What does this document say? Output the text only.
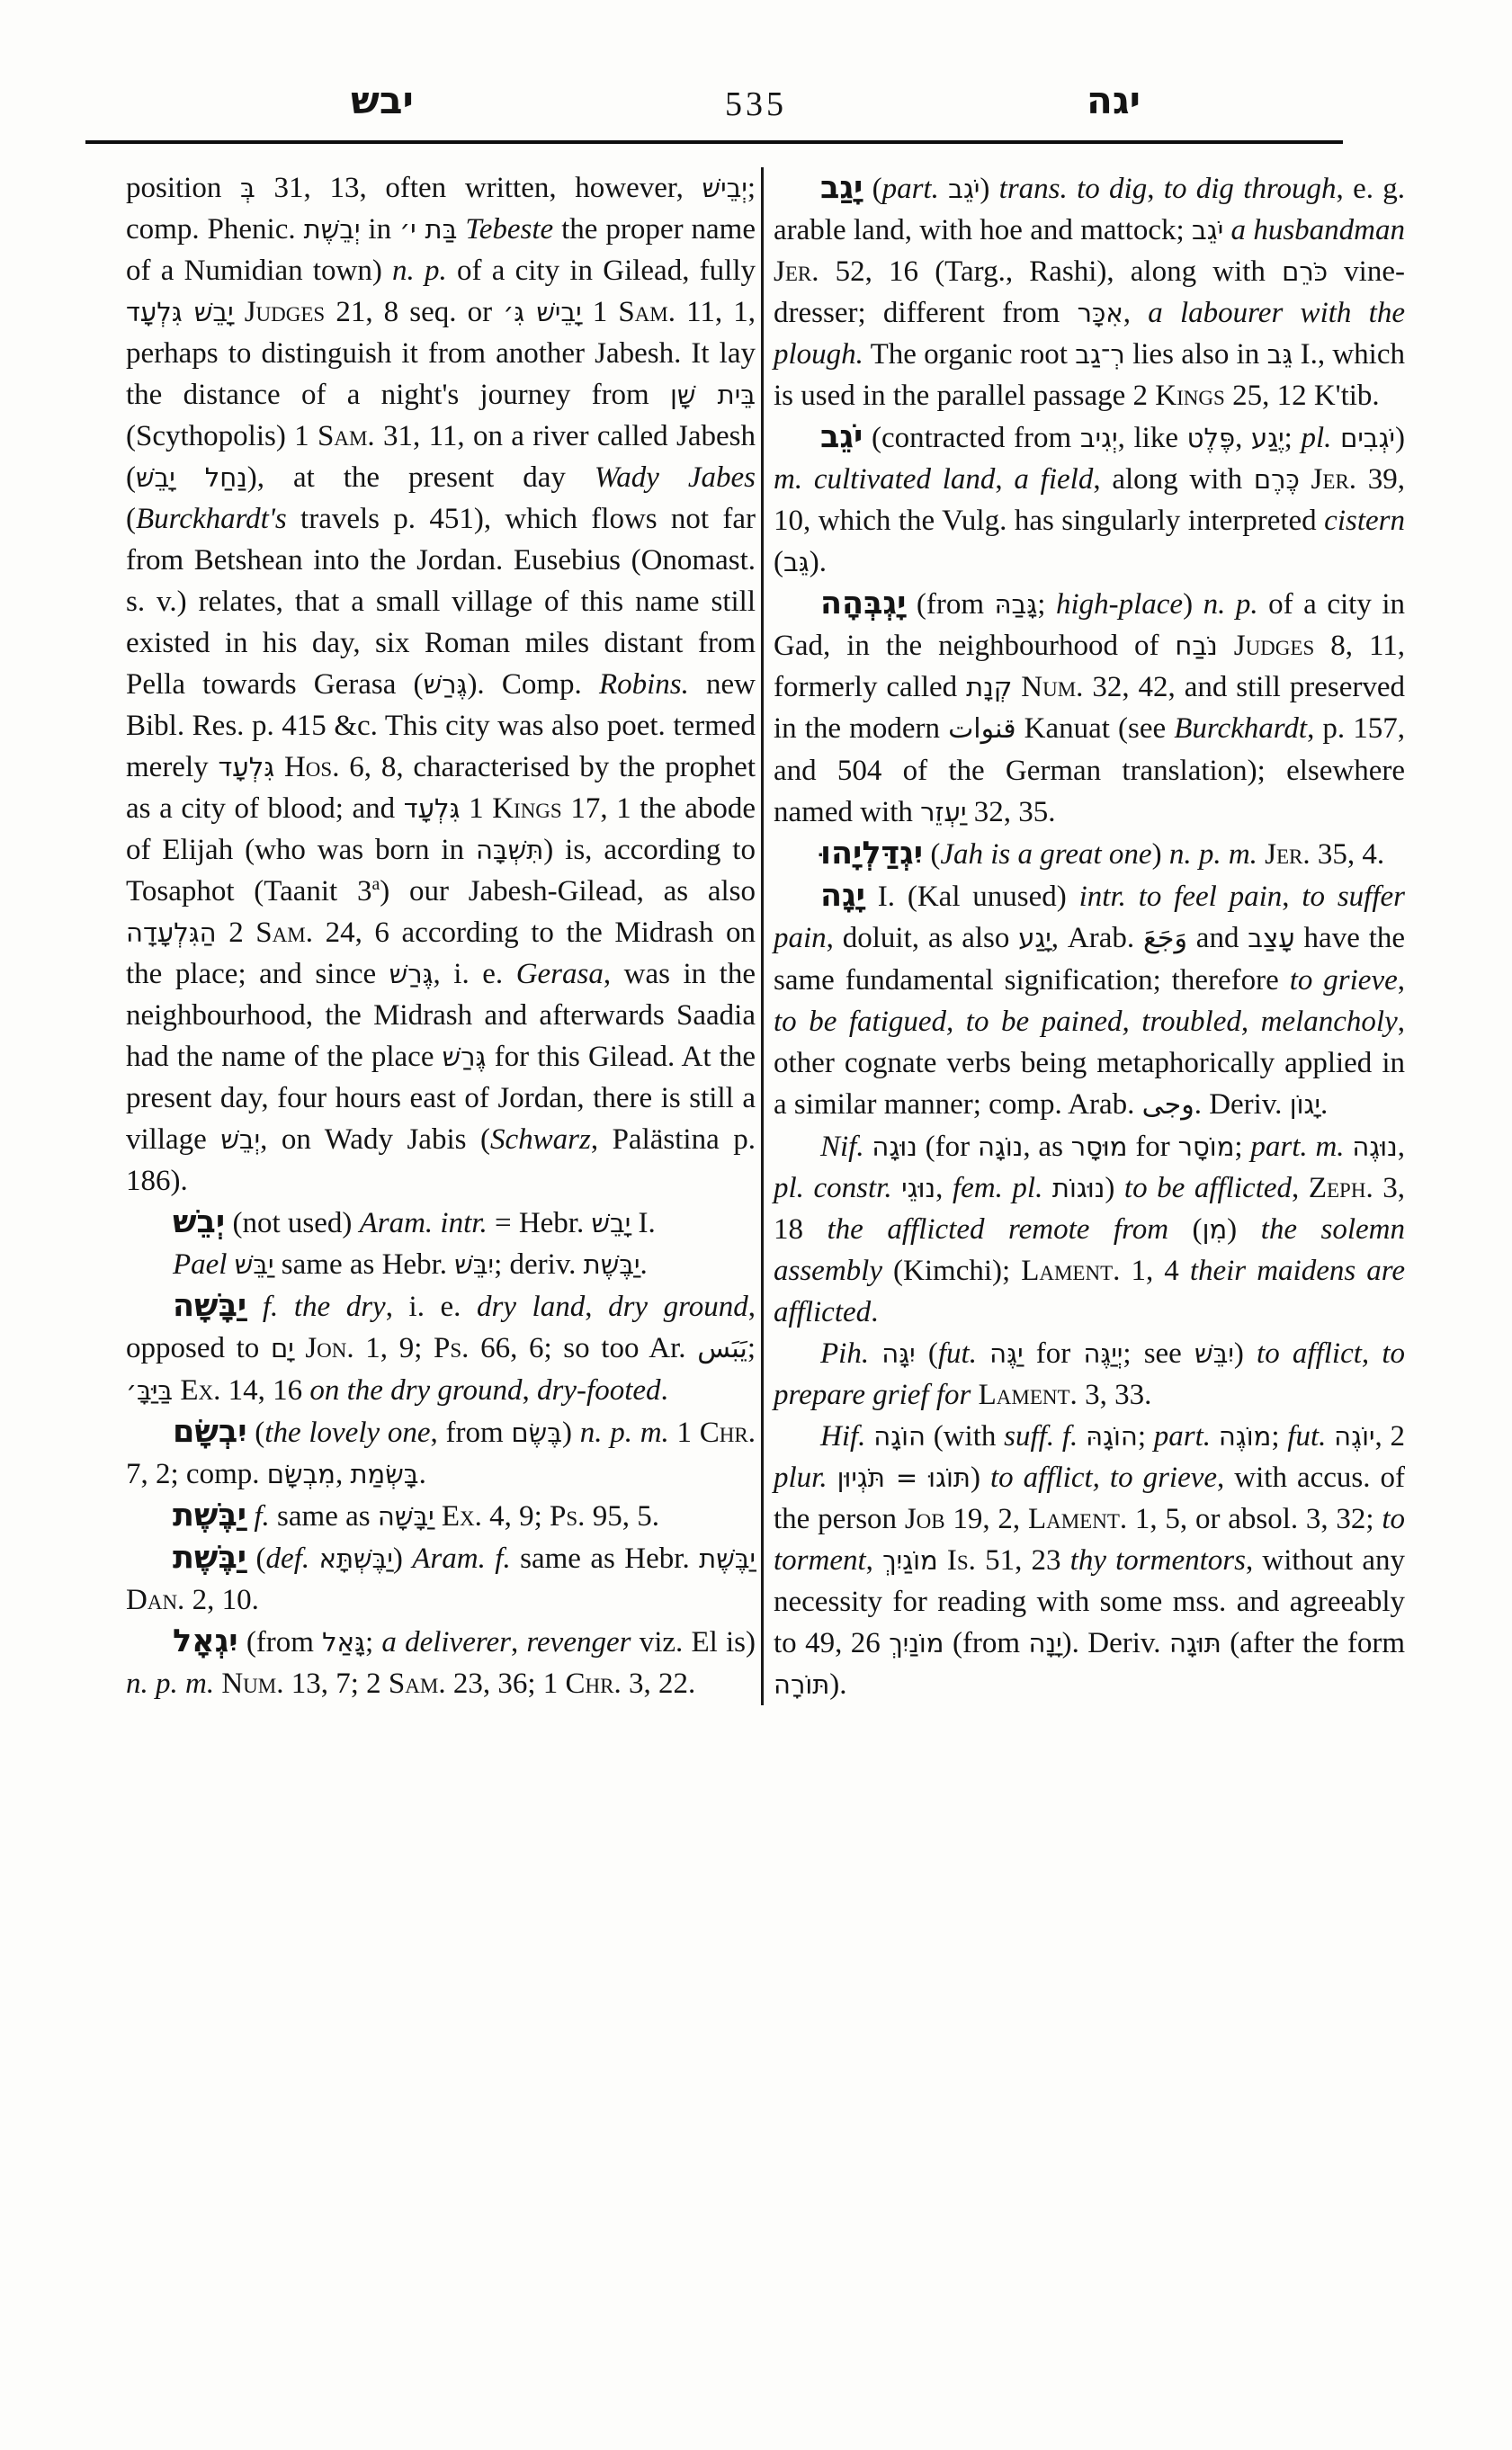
יבש	535	יגה

position בְּ 31, 13, often written, however, יְבֵישׁ; comp. Phenic. יְבֵשֶׁת in בַּת י׳ Tebeste the proper name of a Numidian town) n. p. of a city in Gilead, fully יָבֵשׁ גִּלְעָד Judges 21, 8 seq. or יָבֵישׁ גִּ׳ 1 Sam. 11, 1, perhaps to distinguish it from another Jabesh. It lay the distance of a night's journey from בֵּית שָׁן (Scythopolis) 1 Sam. 31, 11, on a river called Jabesh (נַחַל יָבֵשׁ), at the present day Wady Jabes (Burckhardt's travels p. 451), which flows not far from Betshean into the Jordan. Eusebius (Onomast. s. v.) relates, that a small village of this name still existed in his day, six Roman miles distant from Pella towards Gerasa (גֶּרַשׁ). Comp. Robins. new Bibl. Res. p. 415 &c. This city was also poet. termed merely גִּלְעָד Hos. 6, 8, characterised by the prophet as a city of blood; and גִּלְעָד 1 Kings 17, 1 the abode of Elijah (who was born in תִּשְׁבָּה) is, according to Tosaphot (Taanit 3$^a$) our Jabesh-Gilead, as also הַגִּלְעָדָה 2 Sam. 24, 6 according to the Midrash on the place; and since גֶּרַשׁ, i. e. Gerasa, was in the neighbourhood, the Midrash and afterwards Saadia had the name of the place גֶּרַשׁ for this Gilead. At the present day, four hours east of Jordan, there is still a village יְבֵשׁ, on Wady Jabis (Schwarz, Palästina p. 186).

יְבֵשׁ (not used) Aram. intr. = Hebr. יָבֵשׁ I.

Pael יַבֵּשׁ same as Hebr. יִבֵּשׁ; deriv. יַבֶּשֶׁת.

יַבָּשָׁה f. the dry, i. e. dry land, dry ground, opposed to יָם Jon. 1, 9; Ps. 66, 6; so too Ar. يَبَس; בַּיַּבָּ׳ Ex. 14, 16 on the dry ground, dry-footed.

יִבְשָׂם (the lovely one, from בֶּשֶׂם) n. p. m. 1 Chr. 7, 2; comp. מִבְשָׂם, בָּשְׂמַת.

יַבֶּשֶׁת f. same as יַבָּשָׁה Ex. 4, 9; Ps. 95, 5.

יַבֶּשֶׁת (def. יַבֶּשְׁתָּא) Aram. f. same as Hebr. יַבֶּשֶׁת Dan. 2, 10.

יִגְאָל (from גָּאַל; a deliverer, revenger viz. El is) n. p. m. Num. 13, 7; 2 Sam. 23, 36; 1 Chr. 3, 22.

יָגַב (part. יֹגֵב) trans. to dig, to dig through, e. g. arable land, with hoe and mattock; יֹגֵב a husbandman Jer. 52, 16 (Targ., Rashi), along with כֹּרֵם vine-dresser; different from אִכָּר, a labourer with the plough. The organic root רְ־גַב lies also in גֵּב I., which is used in the parallel passage 2 Kings 25, 12 K'tib.

יֹגֵב (contracted from יְגִיב, like פֶּלֶט, יֶגַע; pl. יֹגְבִים) m. cultivated land, a field, along with כֶּרֶם Jer. 39, 10, which the Vulg. has singularly interpreted cistern (גֵּב).

יָגְבְּהָה (from גָּבַהּ; high-place) n. p. of a city in Gad, in the neighbourhood of נֹבַח Judges 8, 11, formerly called קְנָת Num. 32, 42, and still preserved in the modern قنوات Kanuat (see Burckhardt, p. 157, and 504 of the German translation); elsewhere named with יַעְזֵר 32, 35.

יִגְדַּלְיָהוּ (Jah is a great one) n. p. m. Jer. 35, 4.

יָגָה I. (Kal unused) intr. to feel pain, to suffer pain, doluit, as also יָגַע, Arab. وَجَعَ and עָצַב have the same fundamental signification; therefore to grieve, to be fatigued, to be pained, troubled, melancholy, other cognate verbs being metaphorically applied in a similar manner; comp. Arab. وجى. Deriv. יָגוֹן.

Nif. נוּגָה (for נוֹגָה, as מוּסָר for מוֹסָר; part. m. נוּגֶה, pl. constr. נוּגֵי, fem. pl. נוּגוֹת) to be afflicted, Zeph. 3, 18 the afflicted remote from (מִן) the solemn assembly (Kimchi); Lament. 1, 4 their maidens are afflicted.

Pih. יִגָּה (fut. יַגֶּה for יְיַגֶּה; see יִבֵּשׁ) to afflict, to prepare grief for Lament. 3, 33.

Hif. הוֹגָה (with suff. f. הוֹגָהּ; part. מוֹגֶה; fut. יוֹגֶה, 2 plur. תּוֹגוּ = תֹּגְיוּן) to afflict, to grieve, with accus. of the person Job 19, 2, Lament. 1, 5, or absol. 3, 32; to torment, מוֹגַיִךְ Is. 51, 23 thy tormentors, without any necessity for reading with some mss. and agreeably to 49, 26 מוֹנַיִךְ (from יָנָה). Deriv. תּוּגָה (after the form תּוֹרָה).
